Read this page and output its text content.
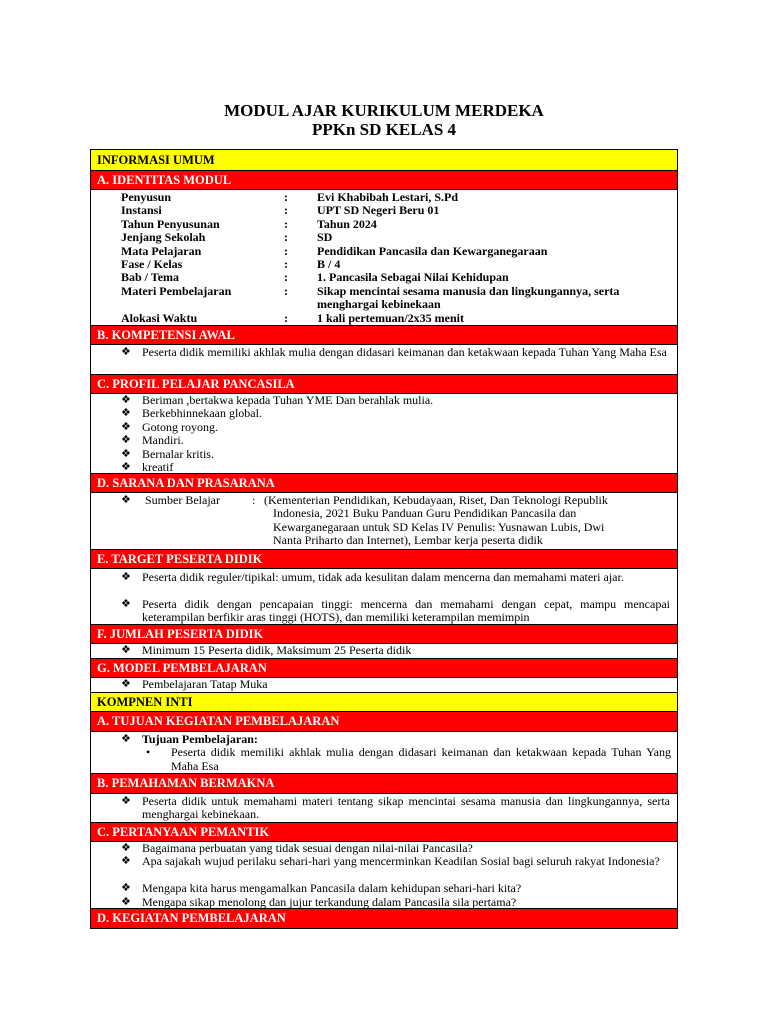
MODUL AJAR KURIKULUM MERDEKA
PPKn SD KELAS 4
INFORMASI UMUM
A. IDENTITAS MODUL
Penyusun	: Evi Khabibah Lestari, S.Pd
Instansi	: UPT SD Negeri Beru 01
Tahun Penyusunan	: Tahun 2024
Jenjang Sekolah	: SD
Mata Pelajaran	: Pendidikan Pancasila dan Kewarganegaraan
Fase / Kelas	: B / 4
Bab / Tema	: 1. Pancasila Sebagai Nilai Kehidupan
Materi Pembelajaran	: Sikap mencintai sesama manusia dan lingkungannya, serta
menghargai kebinekaan
Alokasi Waktu	: 1 kali pertemuan/2x35 menit
B. KOMPETENSI AWAL
❖ Peserta didik memiliki akhlak mulia dengan didasari keimanan dan ketakwaan kepada Tuhan Yang Maha Esa
C. PROFIL PELAJAR PANCASILA
❖ Beriman ,bertakwa kepada Tuhan YME Dan berahlak mulia.
❖ Berkebhinnekaan global.
❖ Gotong royong.
❖ Mandiri.
❖ Bernalar kritis.
❖ kreatif
D. SARANA DAN PRASARANA
❖ Sumber Belajar	: (Kementerian Pendidikan, Kebudayaan, Riset, Dan Teknologi Republik
Indonesia, 2021 Buku Panduan Guru Pendidikan Pancasila dan
Kewarganegaraan untuk SD Kelas IV Penulis: Yusnawan Lubis, Dwi
Nanta Priharto dan Internet), Lembar kerja peserta didik
E. TARGET PESERTA DIDIK
❖ Peserta didik reguler/tipikal: umum, tidak ada kesulitan dalam mencerna dan memahami materi ajar.
❖ Peserta didik dengan pencapaian tinggi: mencerna dan memahami dengan cepat, mampu mencapai keterampilan berfikir aras tinggi (HOTS), dan memiliki keterampilan memimpin
F. JUMLAH PESERTA DIDIK
❖ Minimum 15 Peserta didik, Maksimum 25 Peserta didik
G. MODEL PEMBELAJARAN
❖ Pembelajaran Tatap Muka
KOMPNEN INTI
A. TUJUAN KEGIATAN PEMBELAJARAN
❖ Tujuan Pembelajaran:
• Peserta didik memiliki akhlak mulia dengan didasari keimanan dan ketakwaan kepada Tuhan Yang Maha Esa
B. PEMAHAMAN BERMAKNA
❖ Peserta didik untuk memahami materi tentang sikap mencintai sesama manusia dan lingkungannya, serta menghargai kebinekaan.
C. PERTANYAAN PEMANTIK
❖ Bagaimana perbuatan yang tidak sesuai dengan nilai-nilai Pancasila?
❖ Apa sajakah wujud perilaku sehari-hari yang mencerminkan Keadilan Sosial bagi seluruh rakyat Indonesia?
❖ Mengapa kita harus mengamalkan Pancasila dalam kehidupan sehari-hari kita?
❖ Mengapa sikap menolong dan jujur terkandung dalam Pancasila sila pertama?
D. KEGIATAN PEMBELAJARAN
